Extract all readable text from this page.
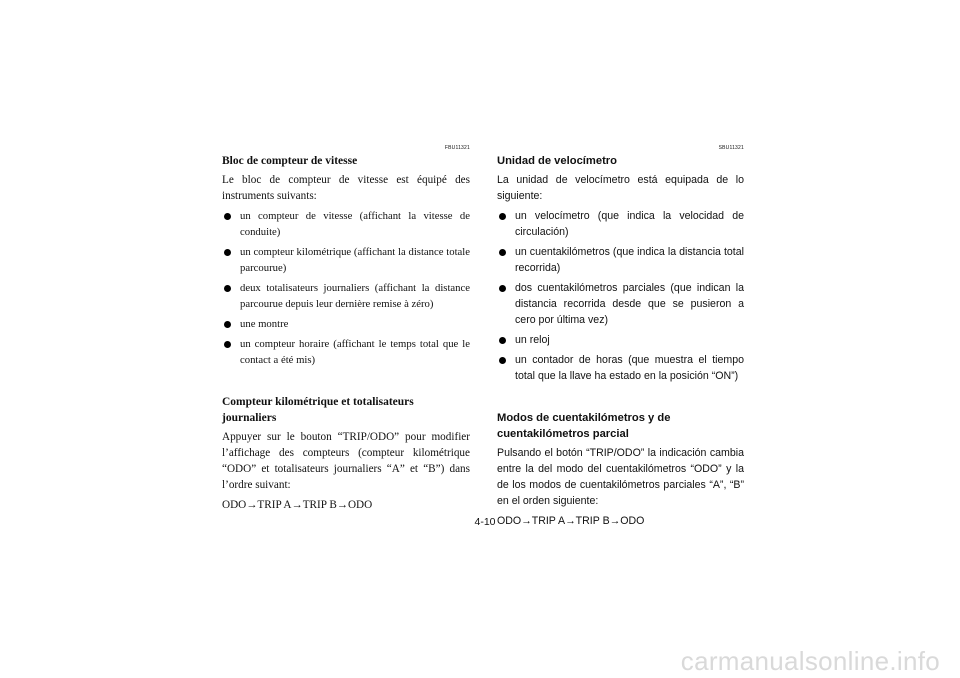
FBU11321
Bloc de compteur de vitesse

Le bloc de compteur de vitesse est équipé des instruments suivants:

un compteur de vitesse (affichant la vitesse de conduite)
un compteur kilométrique (affichant la distance totale parcourue)
deux totalisateurs journaliers (affichant la distance parcourue depuis leur dernière remise à zéro)
une montre
un compteur horaire (affichant le temps total que le contact a été mis)
Compteur kilométrique et totalisateurs journaliers

Appuyer sur le bouton “TRIP/ODO” pour modifier l’affichage des compteurs (compteur kilométrique “ODO” et totalisateurs journaliers “A” et “B”) dans l’ordre suivant:

ODO→TRIP A→TRIP B→ODO
SBU11321
Unidad de velocímetro

La unidad de velocímetro está equipada de lo siguiente:

un velocímetro (que indica la velocidad de circulación)
un cuentakilómetros (que indica la distancia total recorrida)
dos cuentakilómetros parciales (que indican la distancia recorrida desde que se pusieron a cero por última vez)
un reloj
un contador de horas (que muestra el tiempo total que la llave ha estado en la posición “ON”)
Modos de cuentakilómetros y de cuentakilómetros parcial

Pulsando el botón “TRIP/ODO” la indicación cambia entre la del modo del cuentakilómetros “ODO” y la de los modos de cuentakilómetros parciales “A”, “B” en el orden siguiente:

ODO→TRIP A→TRIP B→ODO
4-10
carmanualsonline.info
